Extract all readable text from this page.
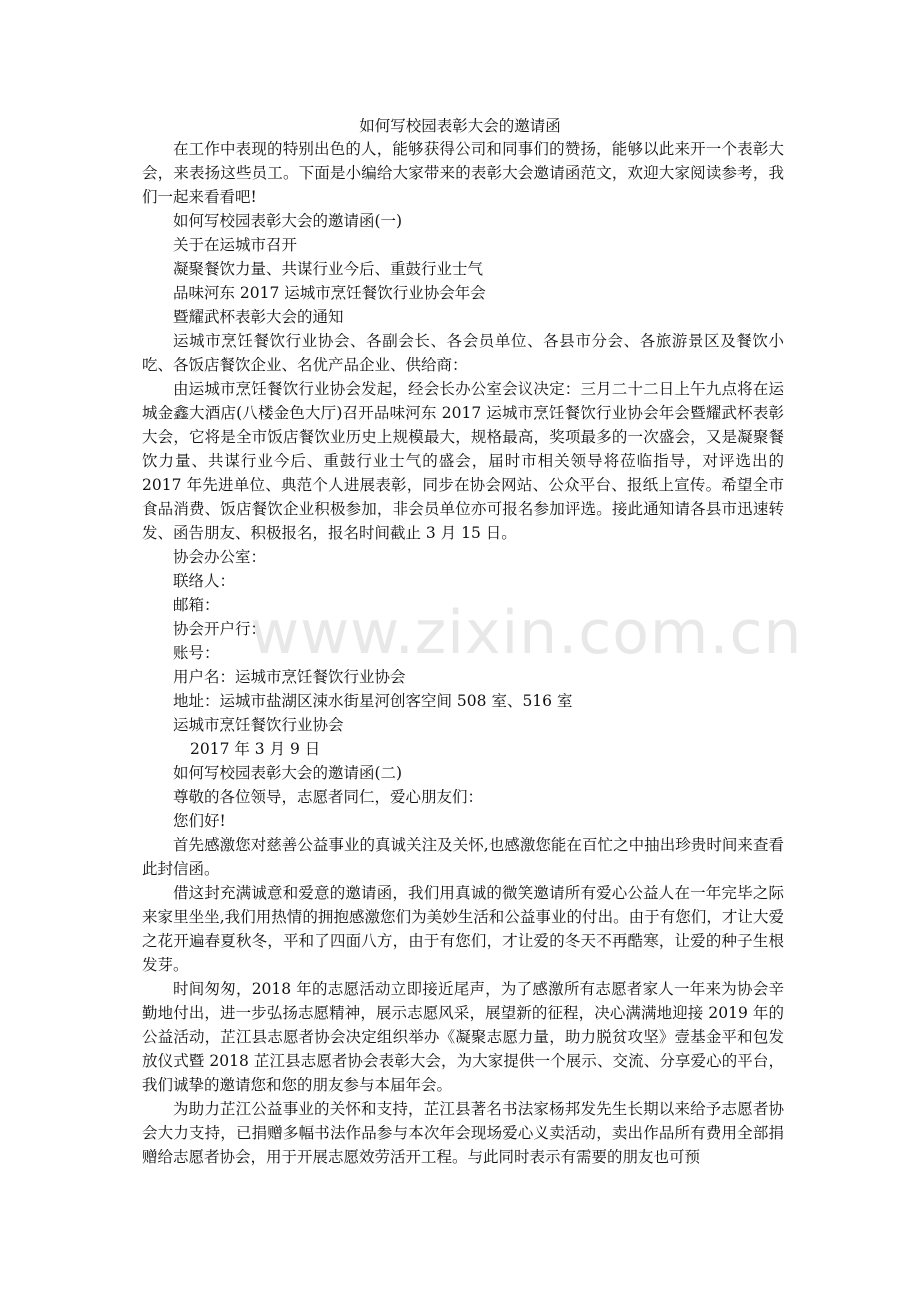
如何写校园表彰大会的邀请函

在工作中表现的特别出色的人，能够获得公司和同事们的赞扬，能够以此来开一个表彰大会，来表扬这些员工。下面是小编给大家带来的表彰大会邀请函范文，欢迎大家阅读参考，我们一起来看看吧!

如何写校园表彰大会的邀请函(一)

关于在运城市召开

凝聚餐饮力量、共谋行业今后、重鼓行业士气

品味河东 2017 运城市烹饪餐饮行业协会年会

暨耀武杯表彰大会的通知

运城市烹饪餐饮行业协会、各副会长、各会员单位、各县市分会、各旅游景区及餐饮小吃、各饭店餐饮企业、名优产品企业、供给商：

由运城市烹饪餐饮行业协会发起，经会长办公室会议决定：三月二十二日上午九点将在运城金鑫大酒店(八楼金色大厅)召开品味河东 2017 运城市烹饪餐饮行业协会年会暨耀武杯表彰大会，它将是全市饭店餐饮业历史上规模最大，规格最高，奖项最多的一次盛会，又是凝聚餐饮力量、共谋行业今后、重鼓行业士气的盛会，届时市相关领导将莅临指导，对评选出的 2017 年先进单位、典范个人进展表彰，同步在协会网站、公众平台、报纸上宣传。希望全市食品消费、饭店餐饮企业积极参加，非会员单位亦可报名参加评选。接此通知请各县市迅速转发、函告朋友、积极报名，报名时间截止 3 月 15 日。

协会办公室：

联络人：

邮箱：

协会开户行：

账号：

用户名：运城市烹饪餐饮行业协会

地址：运城市盐湖区涑水街星河创客空间 508 室、516 室

运城市烹饪餐饮行业协会

2017 年 3 月 9 日

如何写校园表彰大会的邀请函(二)

尊敬的各位领导，志愿者同仁，爱心朋友们：

您们好!

首先感激您对慈善公益事业的真诚关注及关怀,也感激您能在百忙之中抽出珍贵时间来查看此封信函。

借这封充满诚意和爱意的邀请函，我们用真诚的微笑邀请所有爱心公益人在一年完毕之际来家里坐坐,我们用热情的拥抱感激您们为美妙生活和公益事业的付出。由于有您们，才让大爱之花开遍春夏秋冬，平和了四面八方，由于有您们，才让爱的冬天不再酷寒，让爱的种子生根发芽。

时间匆匆，2018 年的志愿活动立即接近尾声，为了感激所有志愿者家人一年来为协会辛勤地付出，进一步弘扬志愿精神，展示志愿风采，展望新的征程，决心满满地迎接 2019 年的公益活动，芷江县志愿者协会决定组织举办《凝聚志愿力量，助力脱贫攻坚》壹基金平和包发放仪式暨 2018 芷江县志愿者协会表彰大会，为大家提供一个展示、交流、分享爱心的平台，我们诚挚的邀请您和您的朋友参与本届年会。

为助力芷江公益事业的关怀和支持，芷江县著名书法家杨邦发先生长期以来给予志愿者协会大力支持，已捐赠多幅书法作品参与本次年会现场爱心义卖活动，卖出作品所有费用全部捐赠给志愿者协会，用于开展志愿效劳活开工程。与此同时表示有需要的朋友也可预

www.zixin.com.cn
